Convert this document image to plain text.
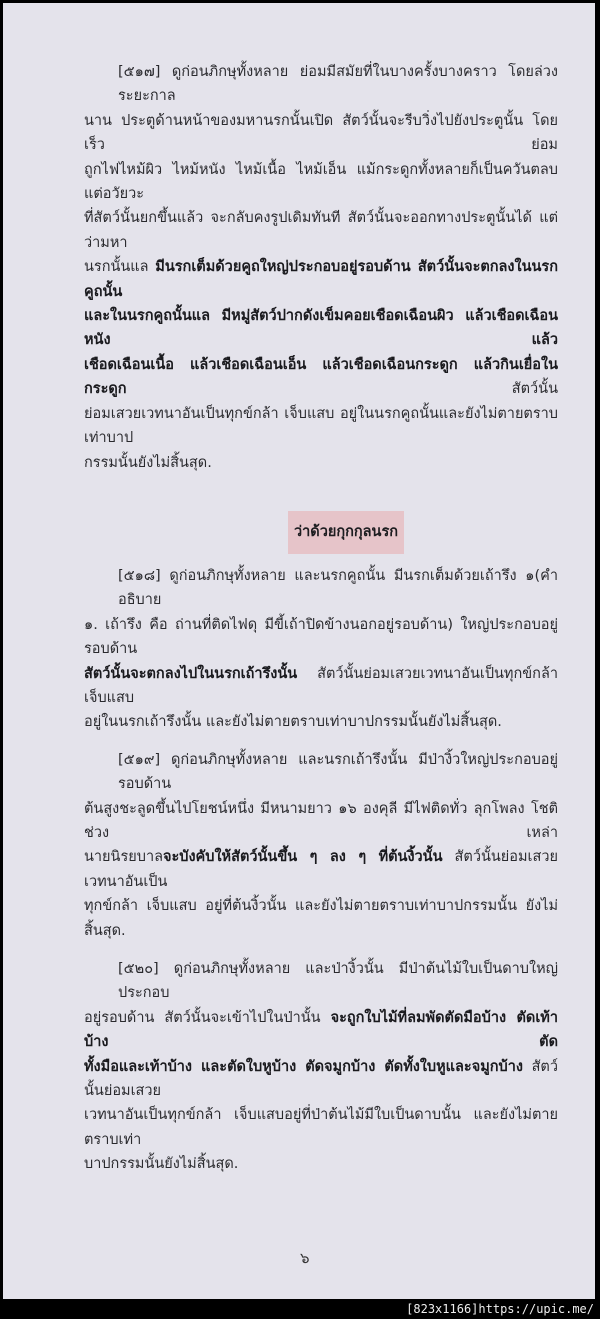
[๕๑๗] ดูก่อนภิกษุทั้งหลาย ย่อมมีสมัยที่ในบางครั้งบางคราว โดยล่วงระยะกาล
นาน ประตูด้านหน้าของมหานรกนั้นเปิด สัตว์นั้นจะรีบวิ่งไปยังประตูนั้น โดยเร็ว ย่อม
ถูกไฟไหม้ผิว ไหม้หนัง ไหม้เนื้อ ไหม้เอ็น แม้กระดูกทั้งหลายก็เป็นควันตลบ แต่อวัยวะ
ที่สัตว์นั้นยกขึ้นแล้ว จะกลับคงรูปเดิมทันที สัตว์นั้นจะออกทางประตูนั้นได้ แต่ว่ามหา
นรกนั้นแล มีนรกเต็มด้วยคูถใหญ่ประกอบอยู่รอบด้าน สัตว์นั้นจะตกลงในนรกคูถนั้น
และในนรกคูถนั้นแล มีหมู่สัตว์ปากดังเข็มคอยเชือดเฉือนผิว แล้วเชือดเฉือนหนัง แล้ว
เชือดเฉือนเนื้อ แล้วเชือดเฉือนเอ็น แล้วเชือดเฉือนกระดูก แล้วกินเยื่อในกระดูก สัตว์นั้น
ย่อมเสวยเวทนาอันเป็นทุกข์กล้า เจ็บแสบ อยู่ในนรกคูถนั้นและยังไม่ตายตราบเท่าบาป
กรรมนั้นยังไม่สิ้นสุด.
ว่าด้วยกุกกุลนรก
[๕๑๘] ดูก่อนภิกษุทั้งหลาย และนรกคูถนั้น มีนรกเต็มด้วยเถ้ารึง ๑(คำอธิบาย
๑. เถ้ารึง คือ ถ่านที่ติดไฟดุ มีขี้เถ้าปิดข้างนอกอยู่รอบด้าน) ใหญ่ประกอบอยู่รอบด้าน
สัตว์นั้นจะตกลงไปในนรกเถ้ารึงนั้น สัตว์นั้นย่อมเสวยเวทนาอันเป็นทุกข์กล้า เจ็บแสบ
อยู่ในนรกเถ้ารึงนั้น และยังไม่ตายตราบเท่าบาปกรรมนั้นยังไม่สิ้นสุด.
[๕๑๙] ดูก่อนภิกษุทั้งหลาย และนรกเถ้ารึงนั้น มีป่างิ้วใหญ่ประกอบอยู่รอบด้าน
ต้นสูงชะลูดขึ้นไปโยชน์หนึ่ง มีหนามยาว ๑๖ องคุลี มีไฟติดทั่ว ลุกโพลง โชติช่วง เหล่า
นายนิรยบาลจะบังคับให้สัตว์นั้นขึ้น ๆ ลง ๆ ที่ต้นงิ้วนั้น สัตว์นั้นย่อมเสวยเวทนาอันเป็น
ทุกข์กล้า เจ็บแสบ อยู่ที่ต้นงิ้วนั้น และยังไม่ตายตราบเท่าบาปกรรมนั้น ยังไม่สิ้นสุด.
[๕๒๐] ดูก่อนภิกษุทั้งหลาย และป่างิ้วนั้น มีป่าต้นไม้ใบเป็นดาบใหญ่ประกอบ
อยู่รอบด้าน สัตว์นั้นจะเข้าไปในป่านั้น จะถูกใบไม้ที่ลมพัดตัดมือบ้าง ตัดเท้าบ้าง ตัด
ทั้งมือและเท้าบ้าง และตัดใบหูบ้าง ตัดจมูกบ้าง ตัดทั้งใบหูและจมูกบ้าง สัตว์นั้นย่อมเสวย
เวทนาอันเป็นทุกข์กล้า เจ็บแสบอยู่ที่ป่าต้นไม้มีใบเป็นดาบนั้น และยังไม่ตายตราบเท่า
บาปกรรมนั้นยังไม่สิ้นสุด.
๖
[823x1166]https://upic.me/
